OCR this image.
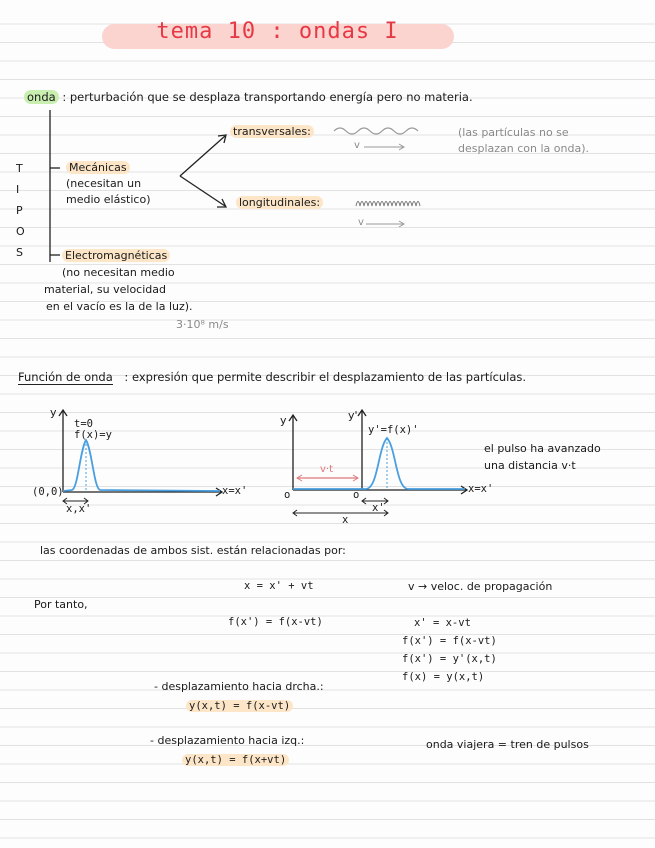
tema 10 : ondas I
onda : perturbación que se desplaza transportando energía pero no materia.
T
I
P
O
S
Mecánicas
(necesitan un
medio elástico)
transversales:
v
(las partículas no se
desplazan con la onda).
longitudinales:
v
Electromagnéticas
(no necesitan medio
material, su velocidad
en el vacío es la de la luz).
3·10⁸ m/s
Función de onda : expresión que permite describir el desplazamiento de las partículas.
y
t=0
f(x)=y
(0,0)	x=x'
x,x'
y	y'
y'=f(x)'
v·t
o	o	x=x'
x'
x
el pulso ha avanzado
una distancia v·t
las coordenadas de ambos sist. están relacionadas por:
x = x' + vt	v → veloc. de propagación
Por tanto,
f(x') = f(x-vt)	x' = x-vt
f(x') = f(x-vt)
f(x') = y'(x,t)
f(x) = y(x,t)
- desplazamiento hacia drcha.:
y(x,t) = f(x-vt)
- desplazamiento hacia izq.:
y(x,t) = f(x+vt)
onda viajera = tren de pulsos
